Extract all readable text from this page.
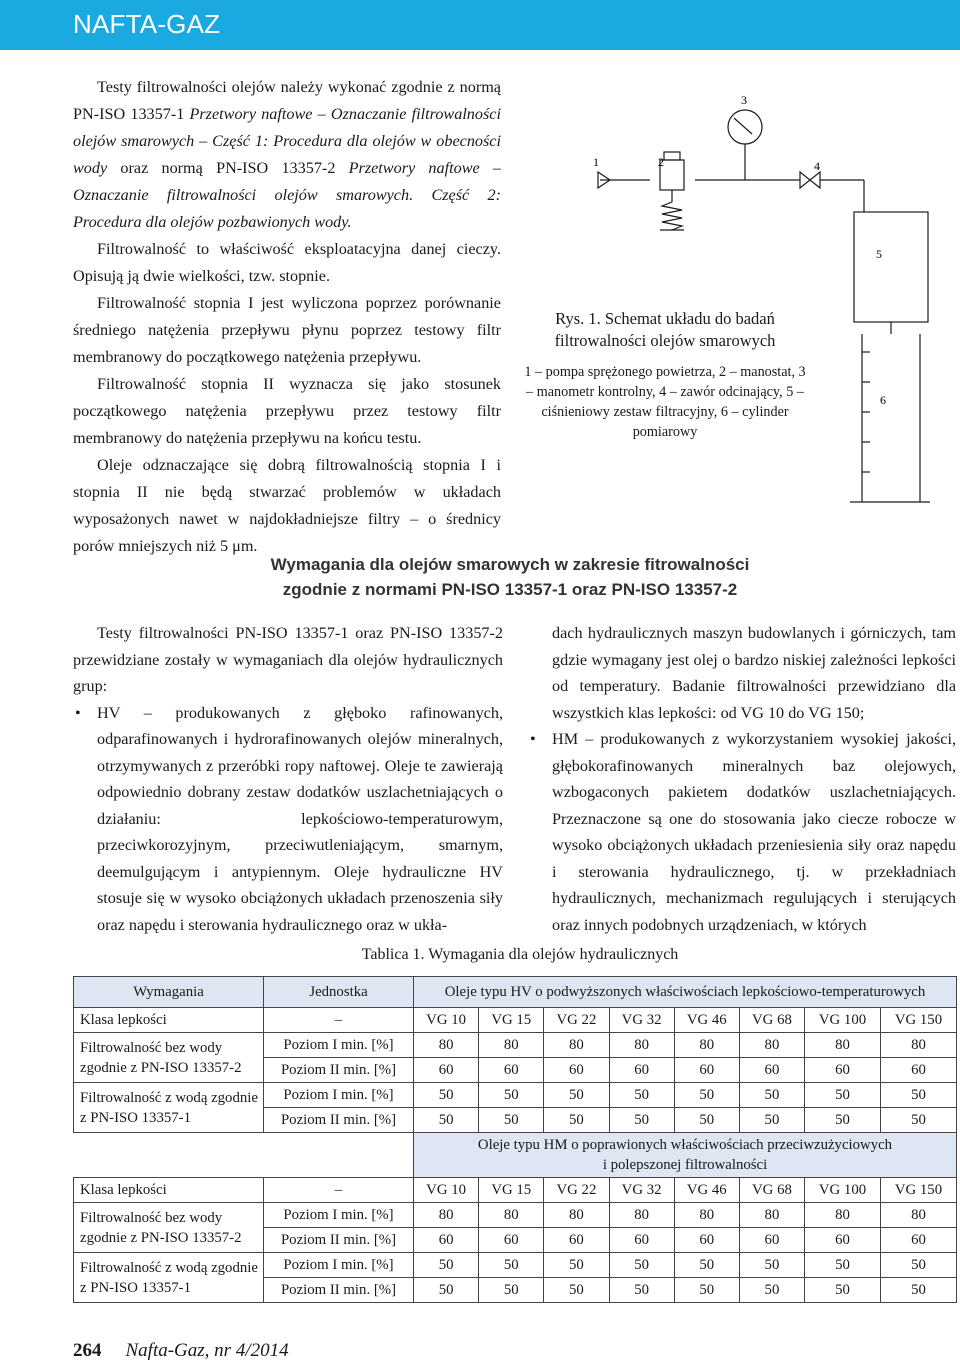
NAFTA-GAZ

Testy filtrowalności olejów należy wykonać zgodnie z normą PN-ISO 13357-1 Przetwory naftowe – Oznaczanie filtrowalności olejów smarowych – Część 1: Procedura dla olejów w obecności wody oraz normą PN-ISO 13357-2 Przetwory naftowe – Oznaczanie filtrowalności olejów smarowych. Część 2: Procedura dla olejów pozbawionych wody.

Filtrowalność to właściwość eksploatacyjna danej cieczy. Opisują ją dwie wielkości, tzw. stopnie.

Filtrowalność stopnia I jest wyliczona poprzez porównanie średniego natężenia przepływu płynu poprzez testowy filtr membranowy do początkowego natężenia przepływu.

Filtrowalność stopnia II wyznacza się jako stosunek początkowego natężenia przepływu przez testowy filtr membranowy do natężenia przepływu na końcu testu.

Oleje odznaczające się dobrą filtrowalnością stopnia I i stopnia II nie będą stwarzać problemów w układach wyposażonych nawet w najdokładniejsze filtry – o średnicy porów mniejszych niż 5 μm.

1	2
3
4
5
6
Rys. 1. Schemat układu do badań filtrowalności olejów smarowych
1 – pompa sprężonego powietrza, 2 – manostat, 3 – manometr kontrolny, 4 – zawór odcinający, 5 – ciśnieniowy zestaw filtracyjny, 6 – cylinder pomiarowy
Wymagania dla olejów smarowych w zakresie fitrowalności
zgodnie z normami PN-ISO 13357-1 oraz PN-ISO 13357-2

Testy filtrowalności PN-ISO 13357-1 oraz PN-ISO 13357-2 przewidziane zostały w wymaganiach dla olejów hydraulicznych grup:

• HV – produkowanych z głęboko rafinowanych, odparafinowanych i hydrorafinowanych olejów mineralnych, otrzymywanych z przeróbki ropy naftowej. Oleje te zawierają odpowiednio dobrany zestaw dodatków uszlachetniających o działaniu: lepkościowo-temperaturowym, przeciwkorozyjnym, przeciwutleniającym, smarnym, deemulgującym i antypiennym. Oleje hydrauliczne HV stosuje się w wysoko obciążonych układach przenoszenia siły oraz napędu i sterowania hydraulicznego oraz w ukła-
dach hydraulicznych maszyn budowlanych i górniczych, tam gdzie wymagany jest olej o bardzo niskiej zależności lepkości od temperatury. Badanie filtrowalności przewidziano dla wszystkich klas lepkości: od VG 10 do VG 150;
• HM – produkowanych z wykorzystaniem wysokiej jakości, głębokorafinowanych mineralnych baz olejowych, wzbogaconych pakietem dodatków uszlachetniających. Przeznaczone są one do stosowania jako ciecze robocze w wysoko obciążonych układach przeniesienia siły oraz napędu i sterowania hydraulicznego, tj. w przekładniach hydraulicznych, mechanizmach regulujących i sterujących oraz innych podobnych urządzeniach, w których
Tablica 1. Wymagania dla olejów hydraulicznych
Wymagania	Jednostka	Oleje typu HV o podwyższonych właściwościach lepkościowo-temperaturowych							
Klasa lepkości	–	VG 10	VG 15	VG 22	VG 32	VG 46	VG 68	VG 100	VG 150
Filtrowalność bez wody zgodnie z PN-ISO 13357-2	Poziom I min. [%]	80	80	80	80	80	80	80	80
	Poziom II min. [%]	60	60	60	60	60	60	60	60
Filtrowalność z wodą zgodnie z PN-ISO 13357-1	Poziom I min. [%]	50	50	50	50	50	50	50	50
	Poziom II min. [%]	50	50	50	50	50	50	50	50

		Oleje typu HM o poprawionych właściwościach przeciwzużyciowych
i polepszonej filtrowalności							

Klasa lepkości	–	VG 10	VG 15	VG 22	VG 32	VG 46	VG 68	VG 100	VG 150
Filtrowalność bez wody zgodnie z PN-ISO 13357-2	Poziom I min. [%]	80	80	80	80	80	80	80	80
	Poziom II min. [%]	60	60	60	60	60	60	60	60
Filtrowalność z wodą zgodnie z PN-ISO 13357-1	Poziom I min. [%]	50	50	50	50	50	50	50	50
	Poziom II min. [%]	50	50	50	50	50	50	50	50
264 Nafta-Gaz, nr 4/2014
